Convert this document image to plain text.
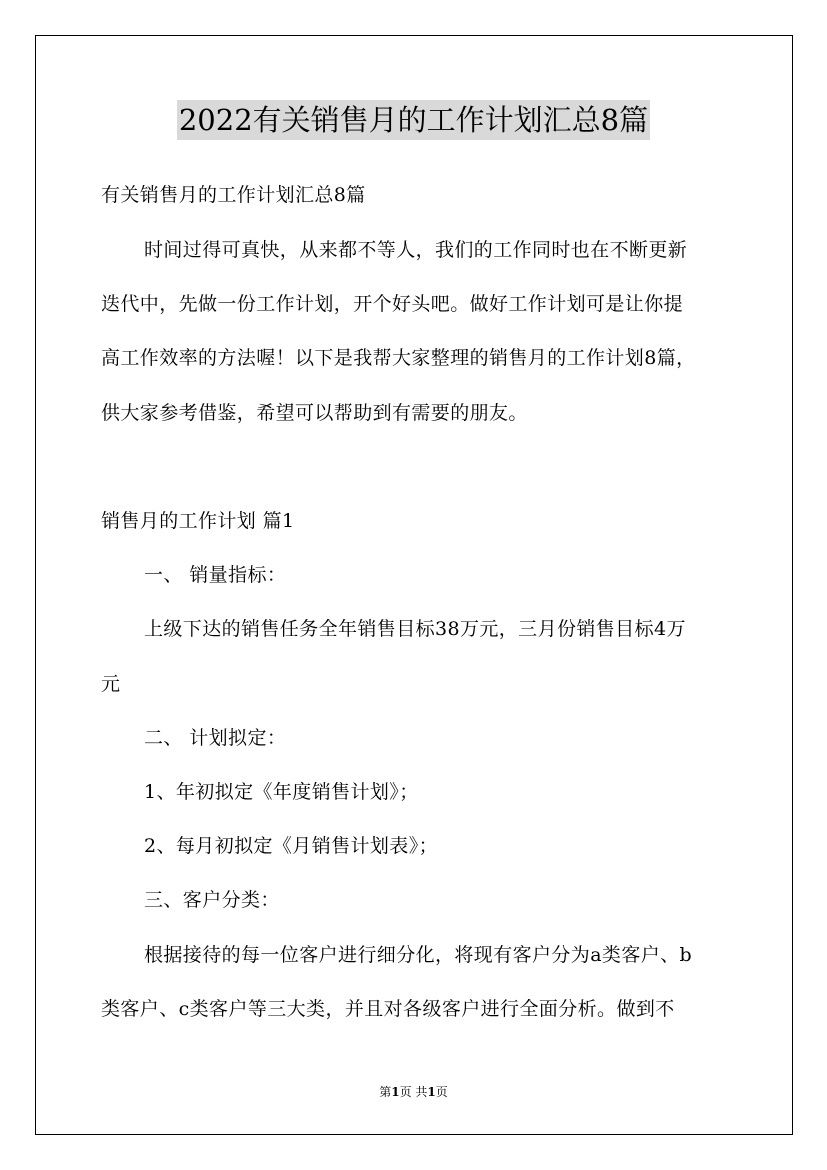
2022有关销售月的工作计划汇总8篇
有关销售月的工作计划汇总8篇
时间过得可真快，从来都不等人，我们的工作同时也在不断更新
迭代中，先做一份工作计划，开个好头吧。做好工作计划可是让你提
高工作效率的方法喔！以下是我帮大家整理的销售月的工作计划8篇，
供大家参考借鉴，希望可以帮助到有需要的朋友。
销售月的工作计划 篇1
一、 销量指标：
上级下达的销售任务全年销售目标38万元，三月份销售目标4万
元
二、 计划拟定：
1、年初拟定《年度销售计划》；
2、每月初拟定《月销售计划表》；
三、客户分类：
根据接待的每一位客户进行细分化，将现有客户分为a类客户、b
类客户、c类客户等三大类，并且对各级客户进行全面分析。做到不
第1页 共1页
